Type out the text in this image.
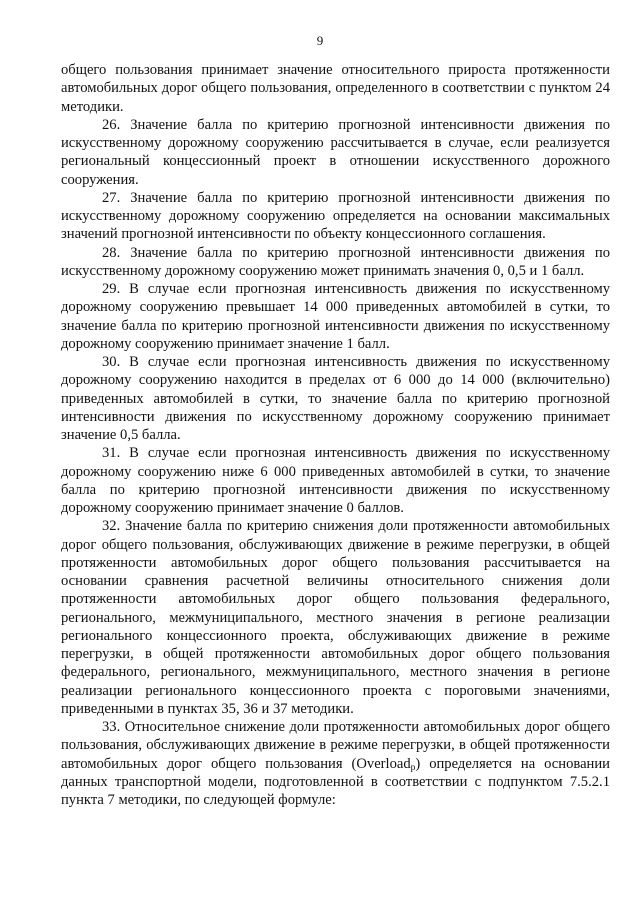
9

общего пользования принимает значение относительного прироста протяженности автомобильных дорог общего пользования, определенного в соответствии с пунктом 24 методики.

26. Значение балла по критерию прогнозной интенсивности движения по искусственному дорожному сооружению рассчитывается в случае, если реализуется региональный концессионный проект в отношении искусственного дорожного сооружения.

27. Значение балла по критерию прогнозной интенсивности движения по искусственному дорожному сооружению определяется на основании максимальных значений прогнозной интенсивности по объекту концессионного соглашения.

28. Значение балла по критерию прогнозной интенсивности движения по искусственному дорожному сооружению может принимать значения 0, 0,5 и 1 балл.

29. В случае если прогнозная интенсивность движения по искусственному дорожному сооружению превышает 14 000 приведенных автомобилей в сутки, то значение балла по критерию прогнозной интенсивности движения по искусственному дорожному сооружению принимает значение 1 балл.

30. В случае если прогнозная интенсивность движения по искусственному дорожному сооружению находится в пределах от 6 000 до 14 000 (включительно) приведенных автомобилей в сутки, то значение балла по критерию прогнозной интенсивности движения по искусственному дорожному сооружению принимает значение 0,5 балла.

31. В случае если прогнозная интенсивность движения по искусственному дорожному сооружению ниже 6 000 приведенных автомобилей в сутки, то значение балла по критерию прогнозной интенсивности движения по искусственному дорожному сооружению принимает значение 0 баллов.

32. Значение балла по критерию снижения доли протяженности автомобильных дорог общего пользования, обслуживающих движение в режиме перегрузки, в общей протяженности автомобильных дорог общего пользования рассчитывается на основании сравнения расчетной величины относительного снижения доли протяженности автомобильных дорог общего пользования федерального, регионального, межмуниципального, местного значения в регионе реализации регионального концессионного проекта, обслуживающих движение в режиме перегрузки, в общей протяженности автомобильных дорог общего пользования федерального, регионального, межмуниципального, местного значения в регионе реализации регионального концессионного проекта с пороговыми значениями, приведенными в пунктах 35, 36 и 37 методики.

33. Относительное снижение доли протяженности автомобильных дорог общего пользования, обслуживающих движение в режиме перегрузки, в общей протяженности автомобильных дорог общего пользования (Overload$_p$) определяется на основании данных транспортной модели, подготовленной в соответствии с подпунктом 7.5.2.1 пункта 7 методики, по следующей формуле:
